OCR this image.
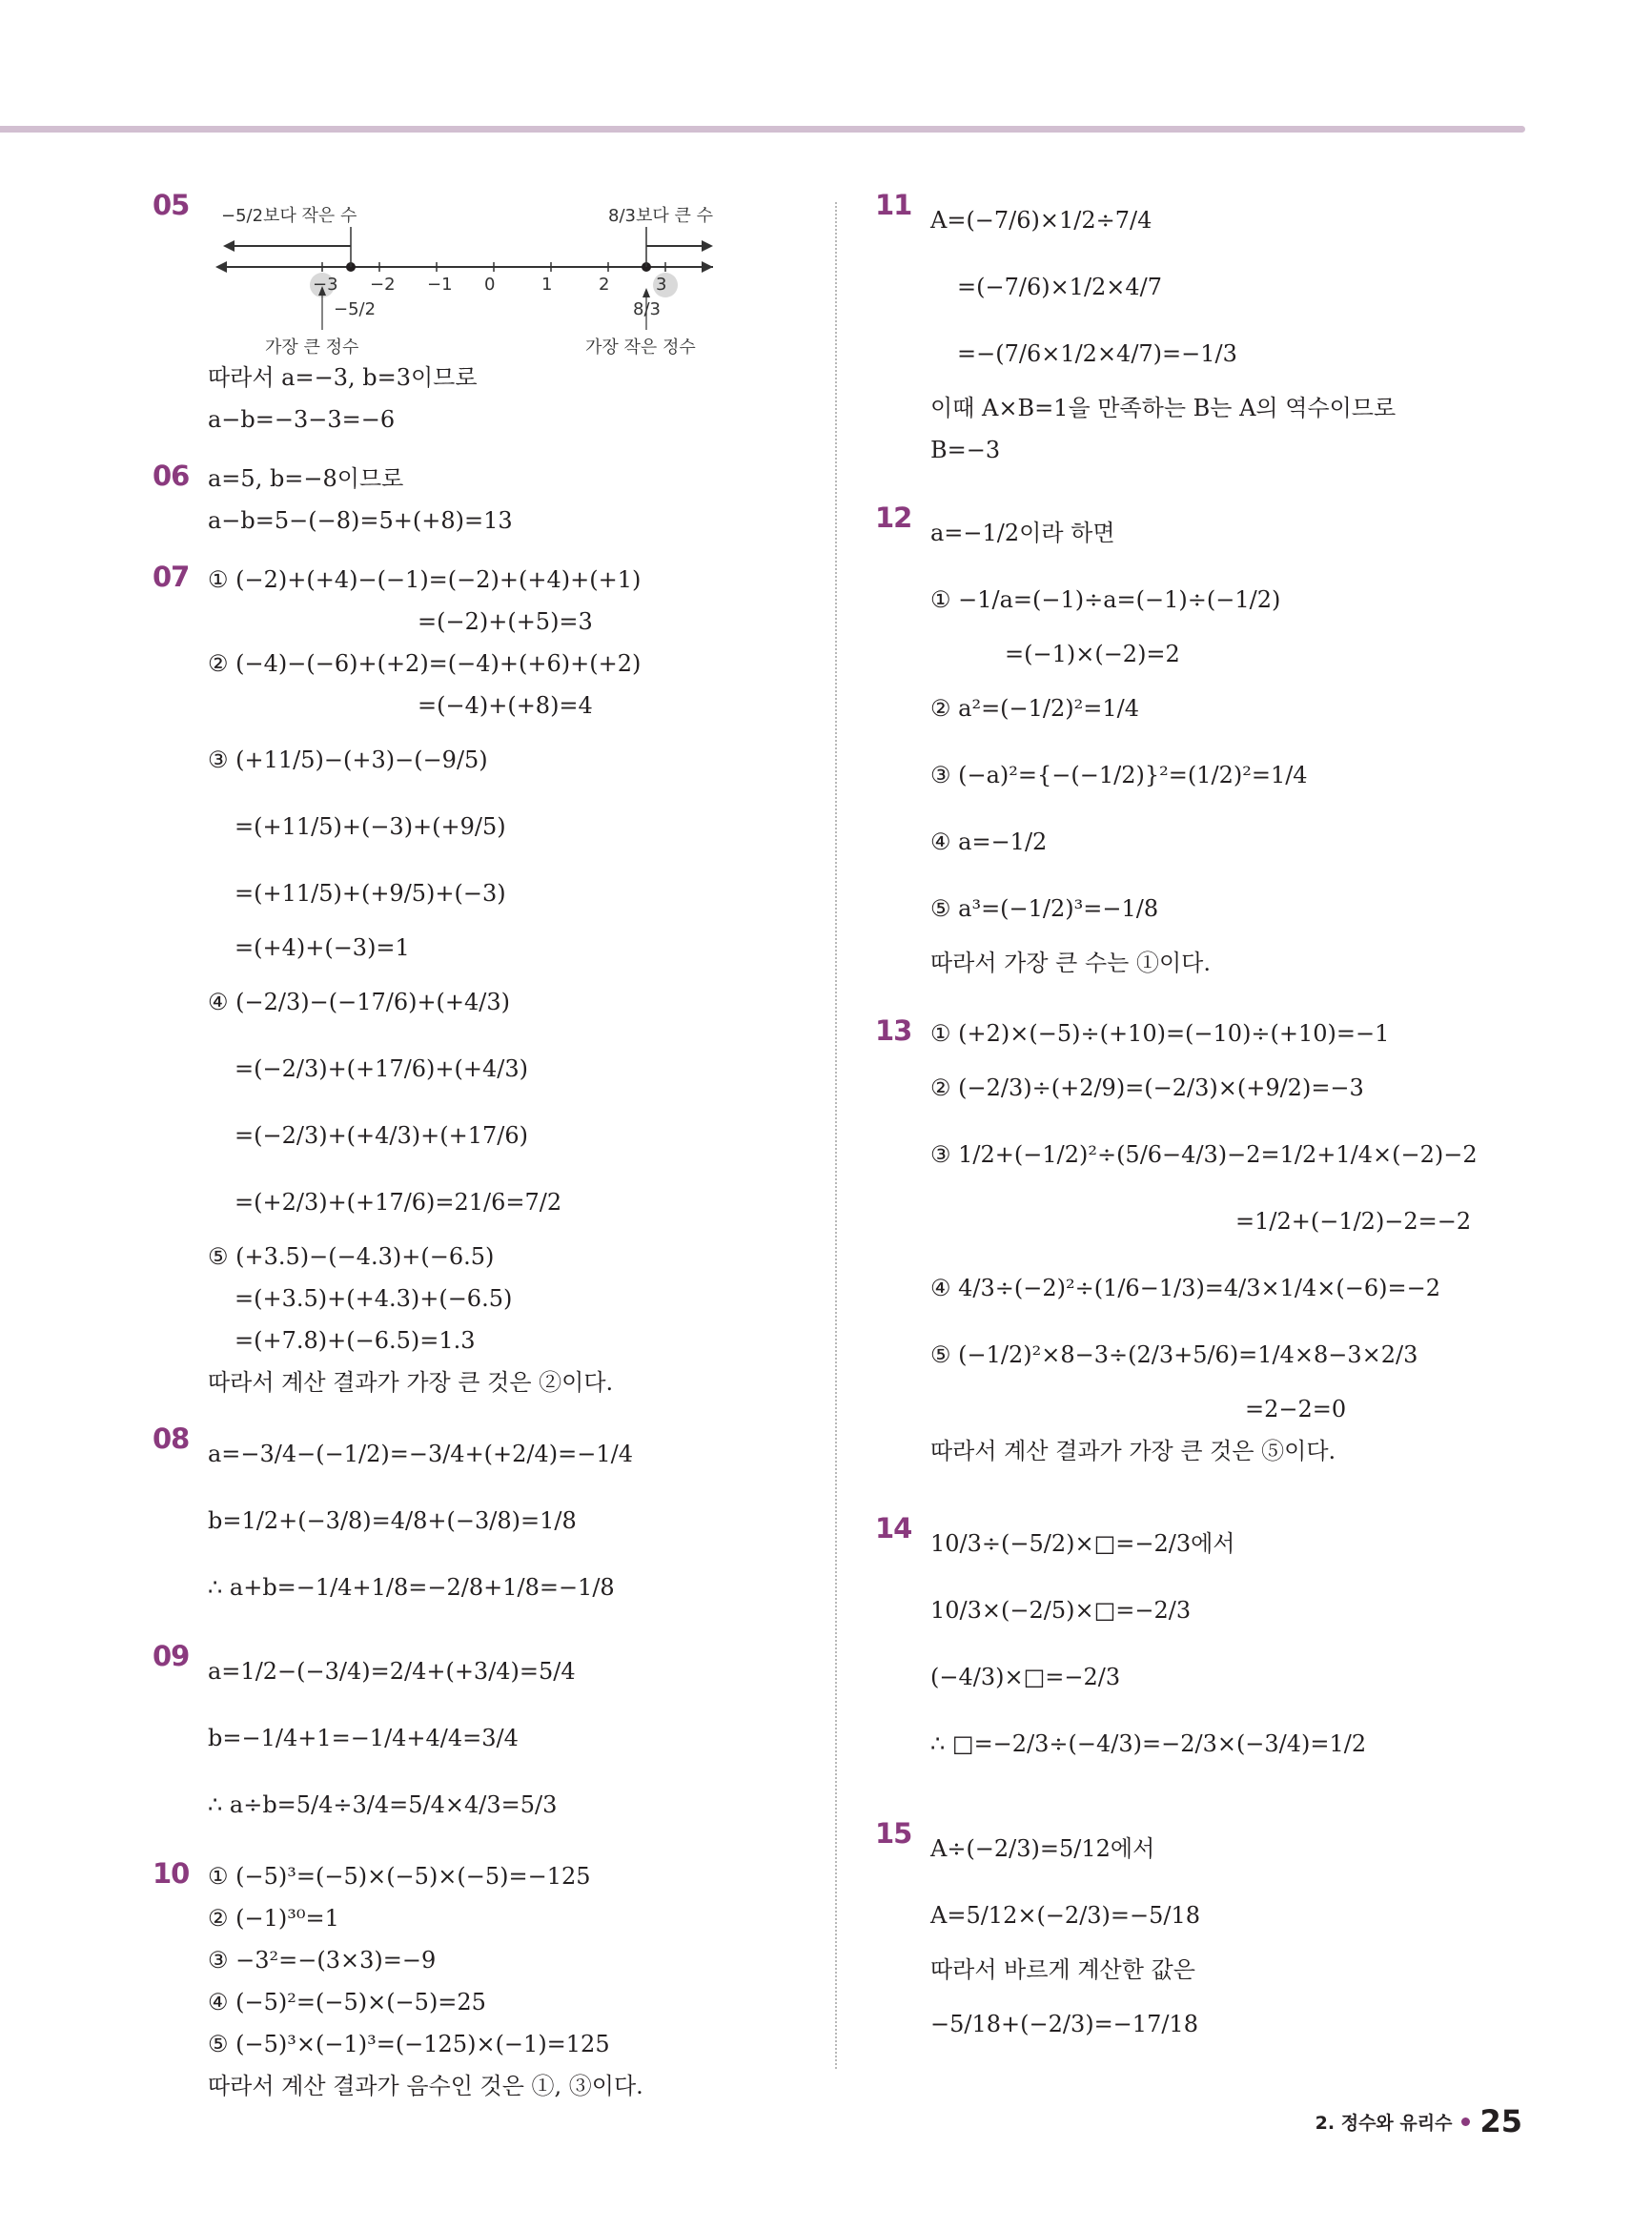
05 −5/2보다 작은 수	8/3보다 큰 수
−3 −2 −1 0	1	2	3
−5/2	8/3
가장 큰 정수	가장 작은 정수
따라서 a=−3, b=3이므로
a−b=−3−3=−6
06 a=5, b=−8이므로
a−b=5−(−8)=5+(+8)=13
07 ① (−2)+(+4)−(−1)=(−2)+(+4)+(+1)
=(−2)+(+5)=3
② (−4)−(−6)+(+2)=(−4)+(+6)+(+2)
=(−4)+(+8)=4
③ (+11/5)−(+3)−(−9/5)
=(+11/5)+(−3)+(+9/5)
=(+11/5)+(+9/5)+(−3)
=(+4)+(−3)=1
④ (−2/3)−(−17/6)+(+4/3)
=(−2/3)+(+17/6)+(+4/3)
=(−2/3)+(+4/3)+(+17/6)
=(+2/3)+(+17/6)=21/6=7/2
⑤ (+3.5)−(−4.3)+(−6.5)
=(+3.5)+(+4.3)+(−6.5)
=(+7.8)+(−6.5)=1.3
따라서 계산 결과가 가장 큰 것은 ②이다.
08 a=−3/4−(−1/2)=−3/4+(+2/4)=−1/4
b=1/2+(−3/8)=4/8+(−3/8)=1/8
∴ a+b=−1/4+1/8=−2/8+1/8=−1/8
09 a=1/2−(−3/4)=2/4+(+3/4)=5/4
b=−1/4+1=−1/4+4/4=3/4
∴ a÷b=5/4÷3/4=5/4×4/3=5/3
10 ① (−5)³=(−5)×(−5)×(−5)=−125
② (−1)³⁰=1
③ −3²=−(3×3)=−9
④ (−5)²=(−5)×(−5)=25
⑤ (−5)³×(−1)³=(−125)×(−1)=125
따라서 계산 결과가 음수인 것은 ①, ③이다.
11 A=(−7/6)×1/2÷7/4
=(−7/6)×1/2×4/7
=−(7/6×1/2×4/7)=−1/3
이때 A×B=1을 만족하는 B는 A의 역수이므로
B=−3
12 a=−1/2이라 하면
① −1/a=(−1)÷a=(−1)÷(−1/2)
=(−1)×(−2)=2
② a²=(−1/2)²=1/4
③ (−a)²={−(−1/2)}²=(1/2)²=1/4
④ a=−1/2
⑤ a³=(−1/2)³=−1/8
따라서 가장 큰 수는 ①이다.
13 ① (+2)×(−5)÷(+10)=(−10)÷(+10)=−1
② (−2/3)÷(+2/9)=(−2/3)×(+9/2)=−3
③ 1/2+(−1/2)²÷(5/6−4/3)−2=1/2+1/4×(−2)−2
=1/2+(−1/2)−2=−2
④ 4/3÷(−2)²÷(1/6−1/3)=4/3×1/4×(−6)=−2
⑤ (−1/2)²×8−3÷(2/3+5/6)=1/4×8−3×2/3
=2−2=0
따라서 계산 결과가 가장 큰 것은 ⑤이다.
14 10/3÷(−5/2)×□=−2/3에서
10/3×(−2/5)×□=−2/3
(−4/3)×□=−2/3
∴ □=−2/3÷(−4/3)=−2/3×(−3/4)=1/2
15 A÷(−2/3)=5/12에서
A=5/12×(−2/3)=−5/18
따라서 바르게 계산한 값은
−5/18+(−2/3)=−17/18
2. 정수와 유리수 25
